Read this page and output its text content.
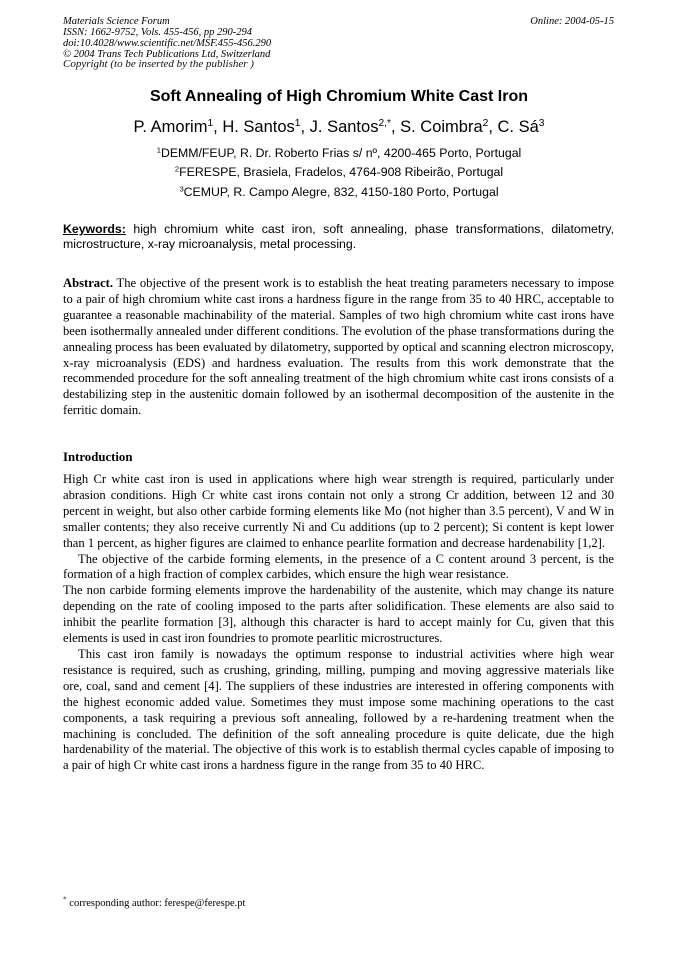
Materials Science Forum
ISSN: 1662-9752, Vols. 455-456, pp 290-294
doi:10.4028/www.scientific.net/MSF.455-456.290
© 2004 Trans Tech Publications Ltd, Switzerland
Online: 2004-05-15
Copyright (to be inserted by the publisher )
Soft Annealing of High Chromium White Cast Iron
P. Amorim$^1$, H. Santos$^1$, J. Santos$^{2,*}$, S. Coimbra$^2$, C. $Sá^3$
$^1$DEMM/FEUP, R. Dr. Roberto Frias s/ nº, 4200-465 Porto, Portugal
$^2$FERESPE, Brasiela, Fradelos, 4764-908 Ribeirão, Portugal
$^3$CEMUP, R. Campo Alegre, 832, 4150-180 Porto, Portugal
Keywords: high chromium white cast iron, soft annealing, phase transformations, dilatometry, microstructure, x-ray microanalysis, metal processing.
Abstract. The objective of the present work is to establish the heat treating parameters necessary to impose to a pair of high chromium white cast irons a hardness figure in the range from 35 to 40 HRC, acceptable to guarantee a reasonable machinability of the material. Samples of two high chromium white cast irons have been isothermally annealed under different conditions. The evolution of the phase transformations during the annealing process has been evaluated by dilatometry, supported by optical and scanning electron microscopy, x-ray microanalysis (EDS) and hardness evaluation. The results from this work demonstrate that the recommended procedure for the soft annealing treatment of the high chromium white cast irons consists of a destabilizing step in the austenitic domain followed by an isothermal decomposition of the austenite in the ferritic domain.
Introduction

High Cr white cast iron is used in applications where high wear strength is required, particularly under abrasion conditions. High Cr white cast irons contain not only a strong Cr addition, between 12 and 30 percent in weight, but also other carbide forming elements like Mo (not higher than 3.5 percent), V and W in smaller contents; they also receive currently Ni and Cu additions (up to 2 percent); Si content is kept lower than 1 percent, as higher figures are claimed to enhance pearlite formation and decrease hardenability [1,2].

The objective of the carbide forming elements, in the presence of a C content around 3 percent, is the formation of a high fraction of complex carbides, which ensure the high wear resistance.

The non carbide forming elements improve the hardenability of the austenite, which may change its nature depending on the rate of cooling imposed to the parts after solidification. These elements are also said to inhibit the pearlite formation [3], although this character is hard to accept mainly for Cu, given that this elements is used in cast iron foundries to promote pearlitic microstructures.

This cast iron family is nowadays the optimum response to industrial activities where high wear resistance is required, such as crushing, grinding, milling, pumping and moving aggressive materials like ore, coal, sand and cement [4]. The suppliers of these industries are interested in offering components with the highest economic added value. Sometimes they must impose some machining operations to the cast components, a task requiring a previous soft annealing, followed by a re-hardening treatment when the machining is concluded. The definition of the soft annealing procedure is quite delicate, due the high hardenability of the material. The objective of this work is to establish thermal cycles capable of imposing to a pair of high Cr white cast irons a hardness figure in the range from 35 to 40 HRC.

* corresponding author: ferespe@ferespe.pt
